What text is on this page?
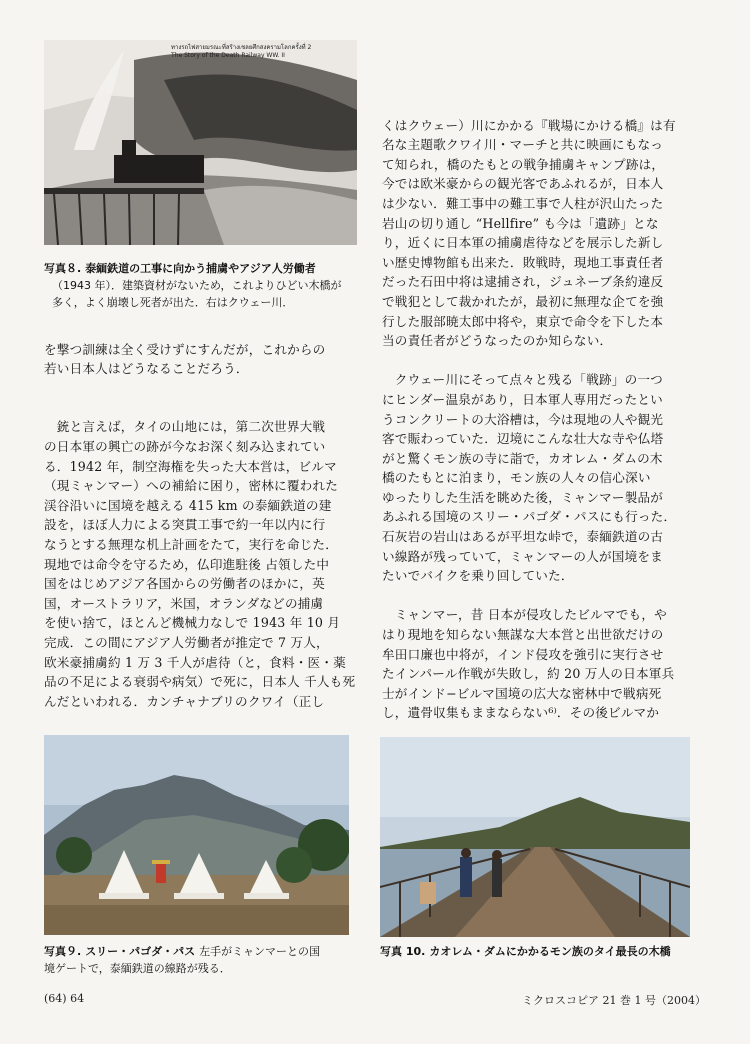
ทางรถไฟสายมรณะที่สร้างเชลยศึกสงครามโลกครั้งที่ 2
The Story of the Death Railway WW. II
写真８. 泰緬鉄道の工事に向かう捕虜やアジア人労働者
（1943 年）．建築資材がないため，これよりひどい木橋が
多く，よく崩壊し死者が出た．右はクウェー川．

を撃つ訓練は全く受けずにすんだが，これからの
若い日本人はどうなることだろう．

　銃と言えば，タイの山地には，第二次世界大戦
の日本軍の興亡の跡が今なお深く刻み込まれてい
る．1942 年，制空海権を失った大本営は，ビルマ
（現ミャンマー）への補給に困り，密林に覆われた
渓谷沿いに国境を越える 415 km の泰緬鉄道の建
設を，ほぼ人力による突貫工事で約一年以内に行
なうとする無理な机上計画をたて，実行を命じた．
現地では命令を守るため，仏印進駐後 占領した中
国をはじめアジア各国からの労働者のほかに，英
国，オーストラリア，米国，オランダなどの捕虜
を使い捨て，ほとんど機械力なしで 1943 年 10 月
完成．この間にアジア人労働者が推定で 7 万人，
欧米豪捕虜約 1 万 3 千人が虐待（と，食料・医・薬
品の不足による衰弱や病気）で死に，日本人 千人も死
んだといわれる．カンチャナブリのクワイ（正し

くはクウェー）川にかかる『戦場にかける橋』は有
名な主題歌クワイ川・マーチと共に映画にもなっ
て知られ，橋のたもとの戦争捕虜キャンプ跡は，
今では欧米豪からの観光客であふれるが，日本人
は少ない．難工事中の難工事で人柱が沢山たった
岩山の切り通し “Hellfire” も今は「遺跡」とな
り，近くに日本軍の捕虜虐待などを展示した新し
い歴史博物館も出来た．敗戦時，現地工事責任者
だった石田中将は逮捕され，ジュネーブ条約違反
で戦犯として裁かれたが，最初に無理な企てを強
行した服部暁太郎中将や，東京で命令を下した本
当の責任者がどうなったのか知らない．

　クウェー川にそって点々と残る「戦跡」の一つ
にヒンダー温泉があり，日本軍人専用だったとい
うコンクリートの大浴槽は，今は現地の人や観光
客で賑わっていた．辺境にこんな壮大な寺や仏塔
がと驚くモン族の寺に詣で，カオレム・ダムの木
橋のたもとに泊まり，モン族の人々の信心深い
ゆったりした生活を眺めた後，ミャンマー製品が
あふれる国境のスリー・パゴダ・パスにも行った．
石灰岩の岩山はあるが平坦な峠で，泰緬鉄道の古
い線路が残っていて，ミャンマーの人が国境をま
たいでバイクを乗り回していた．

　ミャンマー，昔 日本が侵攻したビルマでも，や
はり現地を知らない無謀な大本営と出世欲だけの
牟田口廉也中将が，インド侵攻を強引に実行させ
たインパール作戦が失敗し，約 20 万人の日本軍兵
士がインド−ビルマ国境の広大な密林中で戦病死
し，遺骨収集もままならない⁶⁾．その後ビルマか

写真９. スリー・パゴダ・パス 左手がミャンマーとの国
境ゲートで，泰緬鉄道の線路が残る．
写真 10. カオレム・ダムにかかるモン族のタイ最長の木橋
(64) 64	ミクロスコピア 21 巻 1 号（2004）
